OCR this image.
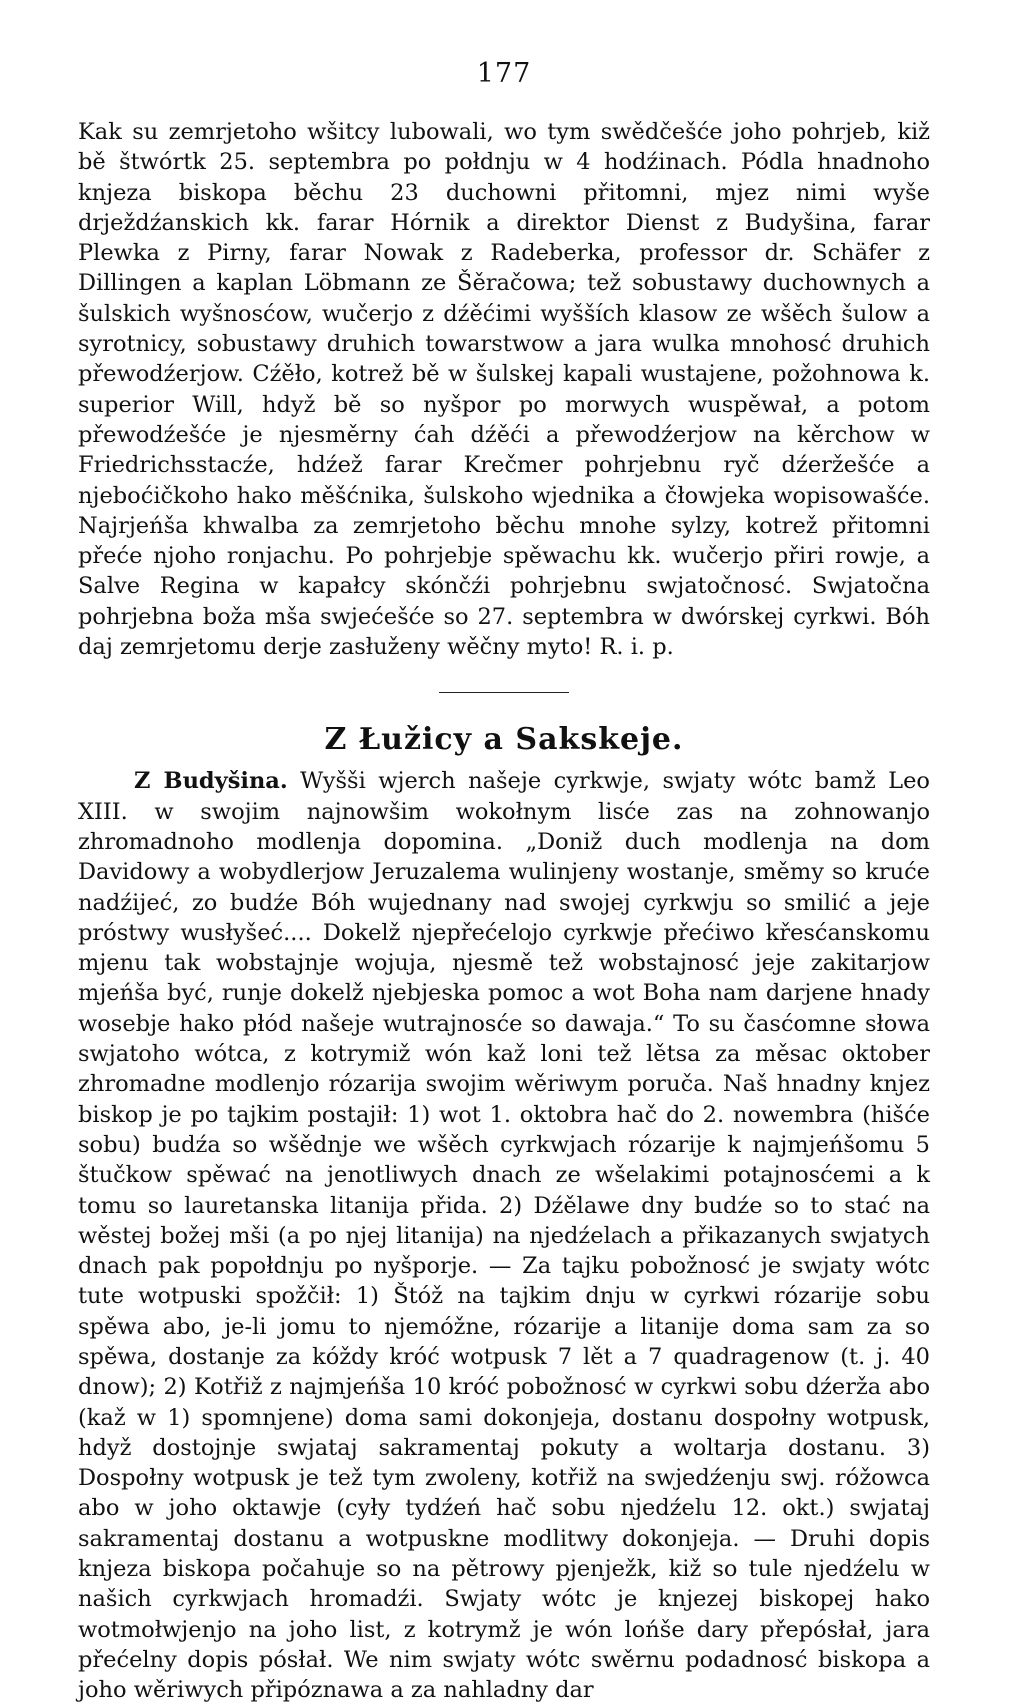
177

Kak su zemrjetoho wšitcy lubowali, wo tym swědčešće joho pohrjeb, kiž bě štwórtk 25. septembra po połdnju w 4 hodźinach. Pódla hnadnoho knjeza biskopa běchu 23 duchowni přitomni, mjez nimi wyše drježdźanskich kk. farar Hórnik a direktor Dienst z Budyšina, farar Plewka z Pirny, farar Nowak z Radeberka, professor dr. Schäfer z Dillingen a kaplan Löbmann ze Šěračowa; tež sobustawy duchownych a šulskich wyšnosćow, wučerjo z dźěćimi wyšších klasow ze wšěch šulow a syrotnicy, sobustawy druhich towarstwow a jara wulka mnohosć druhich přewodźerjow. Cźěło, kotrež bě w šulskej kapali wustajene, požohnowa k. superior Will, hdyž bě so nyšpor po morwych wuspěwał, a potom přewodźešće je njesměrny ćah dźěći a přewodźerjow na kěrchow w Friedrichsstacźe, hdźež farar Krečmer pohrjebnu ryč dźeržešće a njeboćičkoho hako měšćnika, šulskoho wjednika a čłowjeka wopisowašće. Najrjeńša khwalba za zemrjetoho běchu mnohe sylzy, kotrež přitomni přeće njoho ronjachu. Po pohrjebje spěwachu kk. wučerjo přiri rowje, a Salve Regina w kapałcy skónčźi pohrjebnu swjatočnosć. Swjatočna pohrjebna boža mša swjećešće so 27. septembra w dwórskej cyrkwi. Bóh daj zemrjetomu derje zasłuženy wěčny myto! R. i. p.

Z Łužicy a Sakskeje.

Z Budyšina. Wyšši wjerch našeje cyrkwje, swjaty wótc bamž Leo XIII. w swojim najnowšim wokołnym lisće zas na zohnowanjo zhromadnoho modlenja dopomina. „Doniž duch modlenja na dom Davidowy a wobydlerjow Jeruzalema wulinjeny wostanje, směmy so kruće nadźijeć, zo budźe Bóh wujednany nad swojej cyrkwju so smilić a jeje próstwy wusłyšeć.... Dokelž njepřećelojo cyrkwje přećiwo křesćanskomu mjenu tak wobstajnje wojuja, njesmě tež wobstajnosć jeje zakitarjow mjeńša być, runje dokelž njebjeska pomoc a wot Boha nam darjene hnady wosebje hako płód našeje wutrajnosće so dawaja.“ To su časćomne słowa swjatoho wótca, z kotrymiž wón kaž loni tež lětsa za měsac oktober zhromadne modlenjo rózarija swojim wěriwym poruča. Naš hnadny knjez biskop je po tajkim postajił: 1) wot 1. oktobra hač do 2. nowembra (hišće sobu) budźa so wšědnje we wšěch cyrkwjach rózarije k najmjeńšomu 5 štučkow spěwać na jenotliwych dnach ze wšelakimi potajnosćemi a k tomu so lauretanska litanija přida. 2) Dźělawe dny budźe so to stać na wěstej božej mši (a po njej litanija) na njedźelach a přikazanych swjatych dnach pak popołdnju po nyšporje. — Za tajku pobožnosć je swjaty wótc tute wotpuski spožčił: 1) Štóž na tajkim dnju w cyrkwi rózarije sobu spěwa abo, je-li jomu to njemóžne, rózarije a litanije doma sam za so spěwa, dostanje za kóždy króć wotpusk 7 lět a 7 quadragenow (t. j. 40 dnow); 2) Kotřiž z najmjeńša 10 króć pobožnosć w cyrkwi sobu dźerža abo (kaž w 1) spomnjene) doma sami dokonjeja, dostanu dospołny wotpusk, hdyž dostojnje swjataj sakramentaj pokuty a woltarja dostanu. 3) Dospołny wotpusk je tež tym zwoleny, kotřiž na swjedźenju swj. róžowca abo w joho oktawje (cyły tydźeń hač sobu njedźelu 12. okt.) swjataj sakramentaj dostanu a wotpuskne modlitwy dokonjeja. — Druhi dopis knjeza biskopa počahuje so na pětrowy pjenježk, kiž so tule njedźelu w našich cyrkwjach hromadźi. Swjaty wótc je knjezej biskopej hako wotmołwjenjo na joho list, z kotrymž je wón lońše dary přepósłał, jara přećelny dopis pósłał. We nim swjaty wótc swěrnu podadnosć biskopa a joho wěriwych připóznawa a za nahladny dar
